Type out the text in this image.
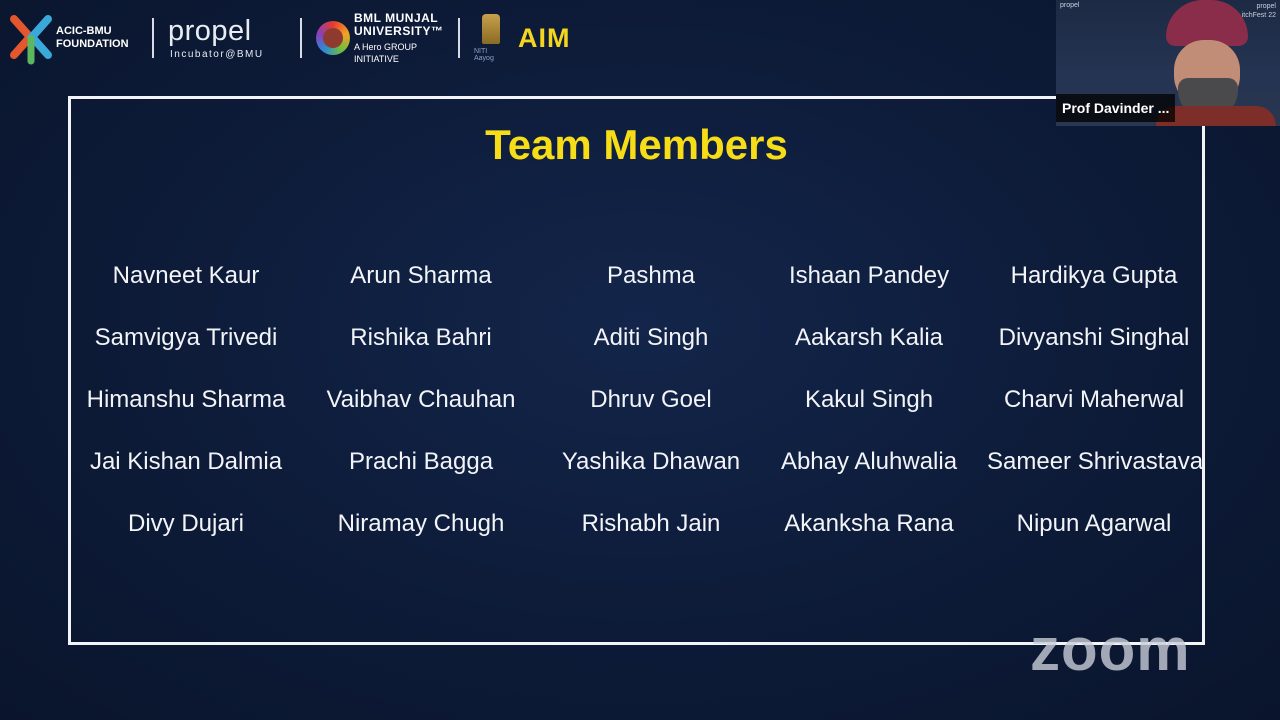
ACIC-BMU
FOUNDATION propel
Incubator@BMU
BML MUNJAL
UNIVERSITY™
A Hero GROUP INITIATIVE
NITI Aayog
AIM
Team Members
Navneet Kaur	Arun Sharma	Pashma	Ishaan Pandey	Hardikya Gupta
Samvigya Trivedi	Rishika Bahri	Aditi Singh	Aakarsh Kalia	Divyanshi Singhal
Himanshu Sharma	Vaibhav Chauhan	Dhruv Goel	Kakul Singh	Charvi Maherwal
Jai Kishan Dalmia	Prachi Bagga	Yashika Dhawan	Abhay Aluhwalia	Sameer Shrivastava
Divy Dujari	Niramay Chugh	Rishabh Jain	Akanksha Rana	Nipun Agarwal
propel	propel
itchFest 22
Prof Davinder ...
zoom
